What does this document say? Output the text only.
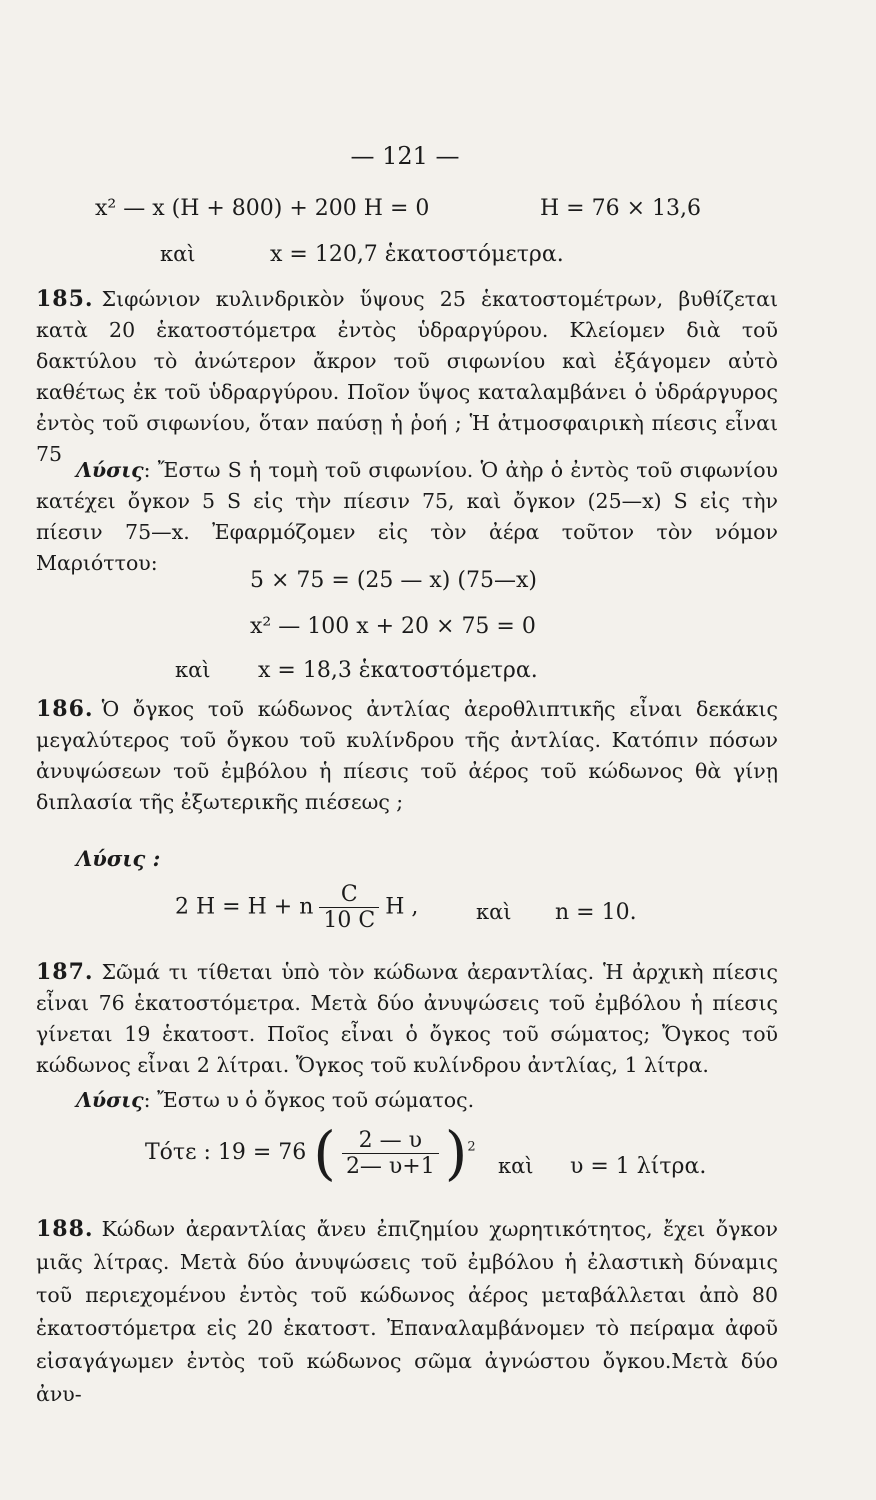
— 121 —
x² — x (H + 800) + 200 H = 0	H = 76 × 13,6
καὶ	x = 120,7 ἑκατοστόμετρα.
185. Σιφώνιον κυλινδρικὸν ὕψους 25 ἑκατοστομέτρων, βυθίζεται κατὰ 20 ἑκατοστόμετρα ἐντὸς ὑδραργύρου. Κλείομεν διὰ τοῦ δακτύλου τὸ ἀνώτερον ἄκρον τοῦ σιφωνίου καὶ ἐξάγομεν αὐτὸ καθέτως ἐκ τοῦ ὑδραργύρου. Ποῖον ὕψος καταλαμβάνει ὁ ὑδράργυρος ἐντὸς τοῦ σιφωνίου, ὅταν παύσῃ ἡ ῥοή ; Ἡ ἀτμοσφαιρικὴ πίεσις εἶναι 75
Λύσις: Ἔστω S ἡ τομὴ τοῦ σιφωνίου. Ὁ ἀὴρ ὁ ἐντὸς τοῦ σιφωνίου κατέχει ὄγκον 5 S εἰς τὴν πίεσιν 75, καὶ ὄγκον (25—x) S εἰς τὴν πίεσιν 75—x. Ἐφαρμόζομεν εἰς τὸν ἀέρα τοῦτον τὸν νόμον Μαριόττου:
5 × 75 = (25 — x) (75—x)
x² — 100 x + 20 × 75 = 0
καὶ x = 18,3 ἑκατοστόμετρα.
186. Ὁ ὄγκος τοῦ κώδωνος ἀντλίας ἀεροθλιπτικῆς εἶναι δεκάκις μεγαλύτερος τοῦ ὄγκου τοῦ κυλίνδρου τῆς ἀντλίας. Κατόπιν πόσων ἀνυψώσεων τοῦ ἐμβόλου ἡ πίεσις τοῦ ἀέρος τοῦ κώδωνος θὰ γίνῃ διπλασία τῆς ἐξωτερικῆς πιέσεως ;
Λύσις :
2 H = H + n $\frac{C}{10 C}$ H ,	καὶ n = 10.
187. Σῶμά τι τίθεται ὑπὸ τὸν κώδωνα ἀεραντλίας. Ἡ ἀρχικὴ πίεσις εἶναι 76 ἑκατοστόμετρα. Μετὰ δύο ἀνυψώσεις τοῦ ἐμβόλου ἡ πίεσις γίνεται 19 ἑκατοστ. Ποῖος εἶναι ὁ ὄγκος τοῦ σώματος; Ὄγκος τοῦ κώδωνος εἶναι 2 λίτραι. Ὄγκος τοῦ κυλίνδρου ἀντλίας, 1 λίτρα.
Λύσις: Ἔστω υ ὁ ὄγκος τοῦ σώματος.
Τότε : 19 = 76 ( $\frac{2 — \upsilon}{2— \upsilon+1} )^2$
καὶ υ = 1 λίτρα.
188. Κώδων ἀεραντλίας ἄνευ ἐπιζημίου χωρητικότητος, ἔχει ὄγκον μιᾶς λίτρας. Μετὰ δύο ἀνυψώσεις τοῦ ἐμβόλου ἡ ἐλαστικὴ δύναμις τοῦ περιεχομένου ἐντὸς τοῦ κώδωνος ἀέρος μεταβάλλεται ἀπὸ 80 ἑκατοστόμετρα εἰς 20 ἑκατοστ. Ἐπαναλαμβάνομεν τὸ πείραμα ἀφοῦ εἰσαγάγωμεν ἐντὸς τοῦ κώδωνος σῶμα ἀγνώστου ὄγκου.Μετὰ δύο ἀνυ-
